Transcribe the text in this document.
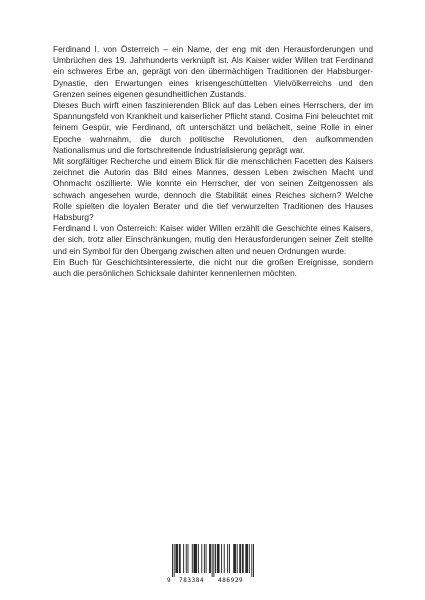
Ferdinand I. von Österreich – ein Name, der eng mit den Herausforderungen und Umbrüchen des 19. Jahrhunderts verknüpft ist. Als Kaiser wider Willen trat Ferdinand ein schweres Erbe an, geprägt von den übermächtigen Traditionen der Habsburger-Dynastie, den Erwartungen eines krisengeschüttelten Vielvölkerreichs und den Grenzen seines eigenen gesundheitlichen Zustands.

Dieses Buch wirft einen faszinierenden Blick auf das Leben eines Herrschers, der im Spannungsfeld von Krankheit und kaiserlicher Pflicht stand. Cosima Fini beleuchtet mit feinem Gespür, wie Ferdinand, oft unterschätzt und belächelt, seine Rolle in einer Epoche wahrnahm, die durch politische Revolutionen, den aufkommenden Nationalismus und die fortschreitende Industrialisierung geprägt war.

Mit sorgfältiger Recherche und einem Blick für die menschlichen Facetten des Kaisers zeichnet die Autorin das Bild eines Mannes, dessen Leben zwischen Macht und Ohnmacht oszillierte. Wie konnte ein Herrscher, der von seinen Zeitgenossen als schwach angesehen wurde, dennoch die Stabilität eines Reiches sichern? Welche Rolle spielten die loyalen Berater und die tief verwurzelten Traditionen des Hauses Habsburg?

Ferdinand I. von Österreich: Kaiser wider Willen erzählt die Geschichte eines Kaisers, der sich, trotz aller Einschränkungen, mutig den Herausforderungen seiner Zeit stellte und ein Symbol für den Übergang zwischen alten und neuen Ordnungen wurde.

Ein Buch für Geschichtsinteressierte, die nicht nur die großen Ereignisse, sondern auch die persönlichen Schicksale dahinter kennenlernen möchten.

9 783384 486929
